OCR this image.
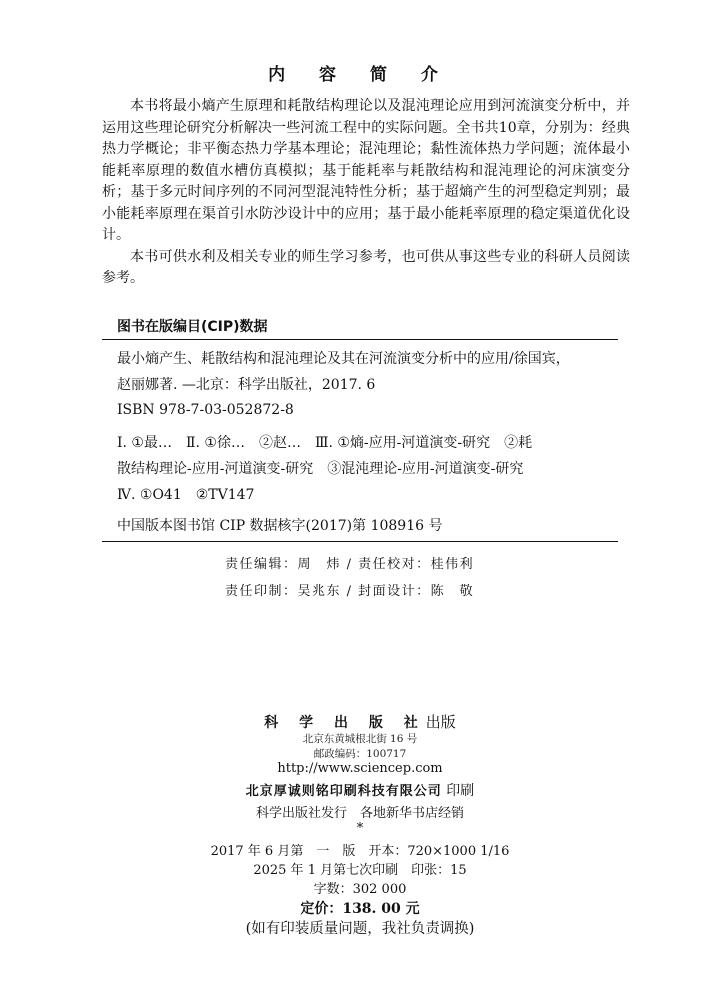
内 容 简 介

本书将最小熵产生原理和耗散结构理论以及混沌理论应用到河流演变分析中，并运用这些理论研究分析解决一些河流工程中的实际问题。全书共10章，分别为：经典热力学概论；非平衡态热力学基本理论；混沌理论；黏性流体热力学问题；流体最小能耗率原理的数值水槽仿真模拟；基于能耗率与耗散结构和混沌理论的河床演变分析；基于多元时间序列的不同河型混沌特性分析；基于超熵产生的河型稳定判别；最小能耗率原理在渠首引水防沙设计中的应用；基于最小能耗率原理的稳定渠道优化设计。

本书可供水利及相关专业的师生学习参考，也可供从事这些专业的科研人员阅读参考。

图书在版编目(CIP)数据
最小熵产生、耗散结构和混沌理论及其在河流演变分析中的应用/徐国宾，
赵丽娜著. —北京：科学出版社，2017. 6
ISBN 978-7-03-052872-8
Ⅰ. ①最…　Ⅱ. ①徐…　②赵…　Ⅲ. ①熵-应用-河道演变-研究　②耗
散结构理论-应用-河道演变-研究　③混沌理论-应用-河道演变-研究
Ⅳ. ①O41　②TV147
中国版本图书馆 CIP 数据核字(2017)第 108916 号
责任编辑：周　炜 / 责任校对：桂伟利
责任印制：吴兆东 / 封面设计：陈　敬
科 学 出 版 社出版
北京东黄城根北街 16 号
邮政编码：100717
http://www.sciencep.com
北京厚诚则铭印刷科技有限公司 印刷
科学出版社发行　各地新华书店经销
*
2017 年 6 月第　一　版　开本：720×1000 1/16
2025 年 1 月第七次印刷　印张：15
字数：302 000
定价：138. 00 元
(如有印装质量问题，我社负责调换)
